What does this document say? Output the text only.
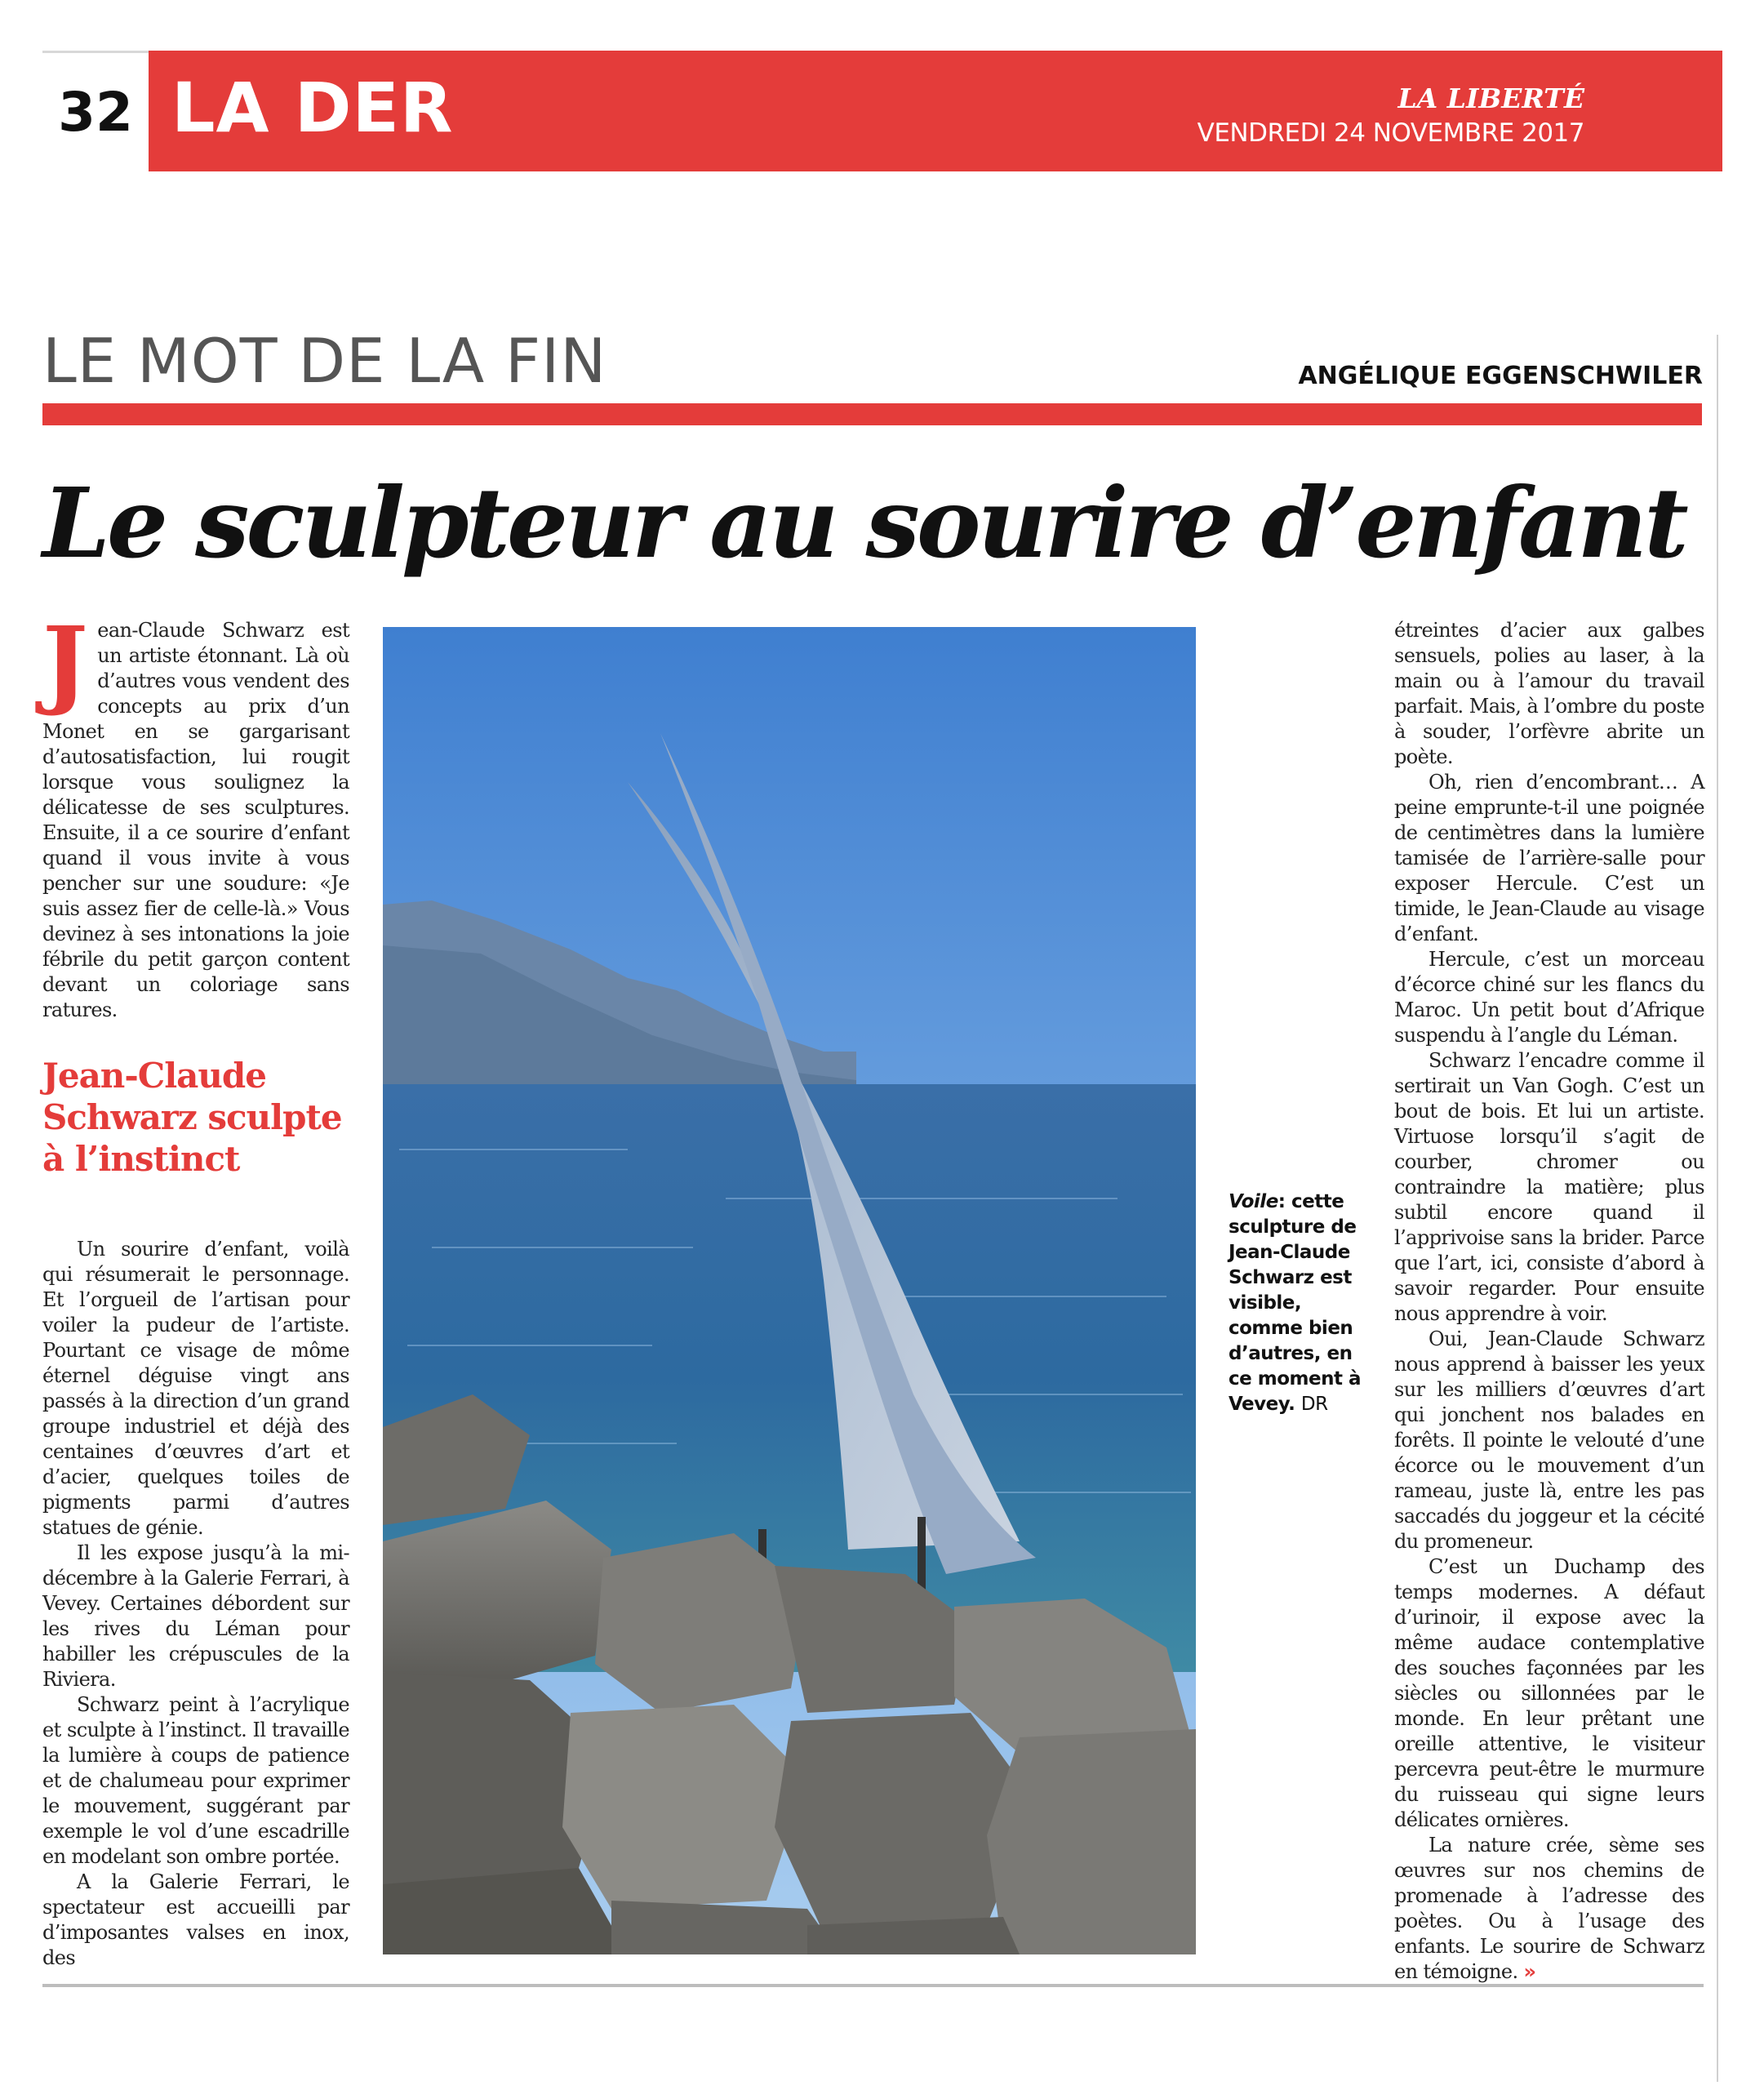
32 LA DER	LA LIBERTÉ
VENDREDI 24 NOVEMBRE 2017
LE MOT DE LA FIN	ANGÉLIQUE EGGENSCHWILER
Le sculpteur au sourire d’enfant

Jean-Claude Schwarz est un artiste étonnant. Là où d’autres vous vendent des concepts au prix d’un Monet en se gargarisant d’autosatisfaction, lui rougit lorsque vous soulignez la délicatesse de ses sculptures. Ensuite, il a ce sourire d’enfant quand il vous invite à vous pencher sur une soudure: «Je suis assez fier de celle-là.» Vous devinez à ses intonations la joie fébrile du petit garçon content devant un coloriage sans ratures.

Jean-Claude Schwarz sculpte à l’instinct

Un sourire d’enfant, voilà qui résumerait le personnage. Et l’orgueil de l’artisan pour voiler la pudeur de l’artiste. Pourtant ce visage de môme éternel déguise vingt ans passés à la direction d’un grand groupe industriel et déjà des centaines d’œuvres d’art et d’acier, quelques toiles de pigments parmi d’autres statues de génie.

Il les expose jusqu’à la mi-décembre à la Galerie Ferrari, à Vevey. Certaines débordent sur les rives du Léman pour habiller les crépuscules de la Riviera.

Schwarz peint à l’acrylique et sculpte à l’instinct. Il travaille la lumière à coups de patience et de chalumeau pour exprimer le mouvement, suggérant par exemple le vol d’une escadrille en modelant son ombre portée.

A la Galerie Ferrari, le spectateur est accueilli par d’imposantes valses en inox, des

Voile: cette sculpture de Jean-Claude Schwarz est visible, comme bien d’autres, en ce moment à Vevey. DR

étreintes d’acier aux galbes sensuels, polies au laser, à la main ou à l’amour du travail parfait. Mais, à l’ombre du poste à souder, l’orfèvre abrite un poète.

Oh, rien d’encombrant… A peine emprunte-t-il une poignée de centimètres dans la lumière tamisée de l’arrière-salle pour exposer Hercule. C’est un timide, le Jean-Claude au visage d’enfant.

Hercule, c’est un morceau d’écorce chiné sur les flancs du Maroc. Un petit bout d’Afrique suspendu à l’angle du Léman.

Schwarz l’encadre comme il sertirait un Van Gogh. C’est un bout de bois. Et lui un artiste. Virtuose lorsqu’il s’agit de courber, chromer ou contraindre la matière; plus subtil encore quand il l’apprivoise sans la brider. Parce que l’art, ici, consiste d’abord à savoir regarder. Pour ensuite nous apprendre à voir.

Oui, Jean-Claude Schwarz nous apprend à baisser les yeux sur les milliers d’œuvres d’art qui jonchent nos balades en forêts. Il pointe le velouté d’une écorce ou le mouvement d’un rameau, juste là, entre les pas saccadés du joggeur et la cécité du promeneur.

C’est un Duchamp des temps modernes. A défaut d’urinoir, il expose avec la même audace contemplative des souches façonnées par les siècles ou sillonnées par le monde. En leur prêtant une oreille attentive, le visiteur percevra peut-être le murmure du ruisseau qui signe leurs délicates ornières.

La nature crée, sème ses œuvres sur nos chemins de promenade à l’adresse des poètes. Ou à l’usage des enfants. Le sourire de Schwarz en témoigne. »
